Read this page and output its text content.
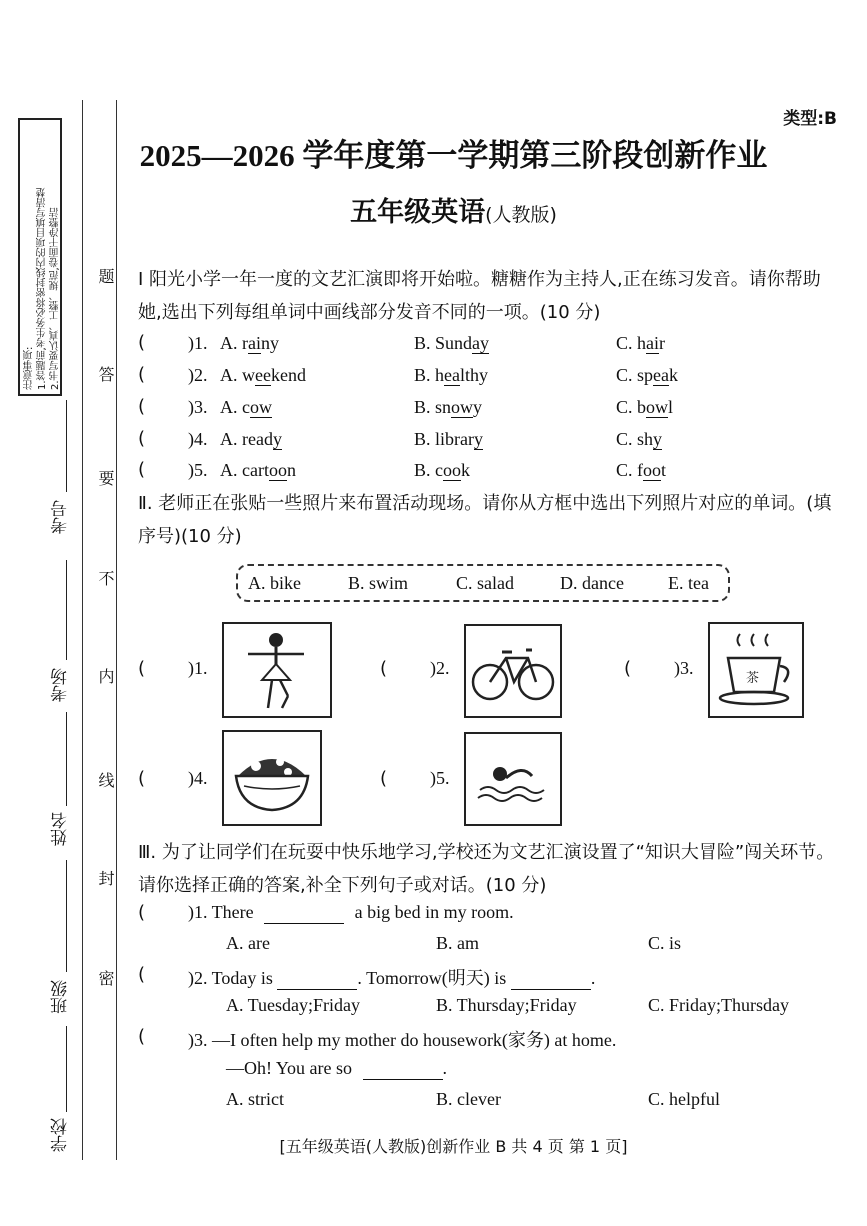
注意事项:
1.答题前,考生务必将密封线内的项目填写清楚
2.书写要认真、工整、规范,卷面干净整洁 题
答
要
不
内
线
封
密
考号
考场
姓名
班级
学校
类型:B
2025—2026 学年度第一学期第三阶段创新作业
五年级英语(人教版)
Ⅰ 阳光小学一年一度的文艺汇演即将开始啦。糖糖作为主持人,正在练习发音。请你帮助她,选出下列每组单词中画线部分发音不同的一项。(10 分)
( )1. A. rainy	B. Sunday	C. hair
( )2. A. weekend	B. healthy	C. speak
( )3. A. cow	B. snowy	C. bowl
( )4. A. ready	B. library	C. shy
( )5. A. cartoon	B. cook	C. foot
Ⅱ. 老师正在张贴一些照片来布置活动现场。请你从方框中选出下列照片对应的单词。(填序号)(10 分)
A. bike	B. swim	C. salad	D. dance E. tea
( )1.	( )2.	( )3.
茶
( )4.	( )5.
Ⅲ. 为了让同学们在玩耍中快乐地学习,学校还为文艺汇演设置了“知识大冒险”闯关环节。请你选择正确的答案,补全下列句子或对话。(10 分)
( )1. There	a big bed in my room.
A. are	B. am	C. is
( )2. Today is	. Tomorrow(明天) is	.
A. Tuesday;Friday	B. Thursday;Friday	C. Friday;Thursday
( )3. —I often help my mother do housework(家务) at home.
—Oh! You are so	.
A. strict	B. clever	C. helpful
[五年级英语(人教版)创新作业 B 共 4 页 第 1 页]
